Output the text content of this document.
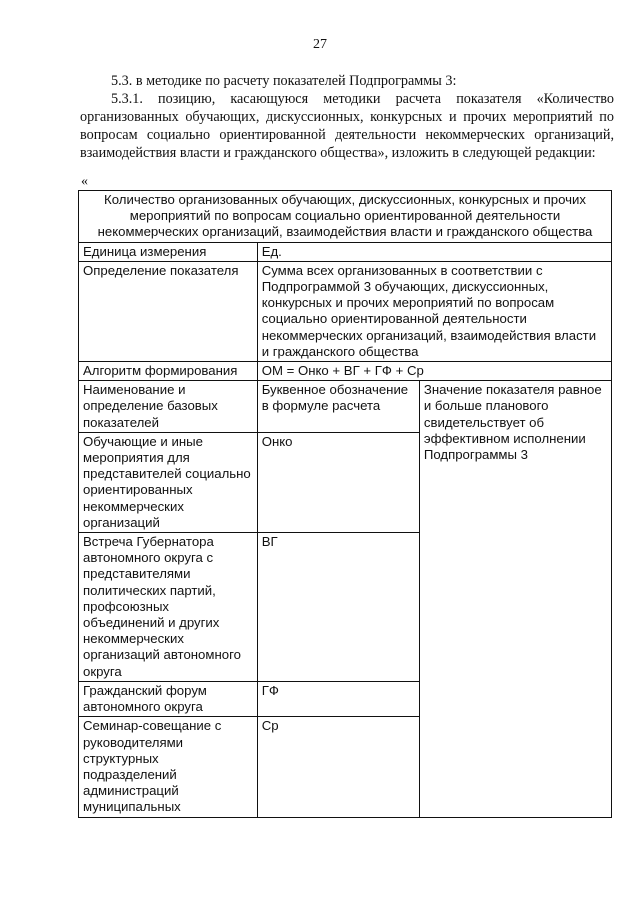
27
5.3. в методике по расчету показателей Подпрограммы 3:
5.3.1. позицию, касающуюся методики расчета показателя «Количество организованных обучающих, дискуссионных, конкурсных и прочих мероприятий по вопросам социально ориентированной деятельности некоммерческих организаций, взаимодействия власти и гражданского общества», изложить в следующей редакции:
«
Количество организованных обучающих, дискуссионных, конкурсных и прочих мероприятий по вопросам социально ориентированной деятельности некоммерческих организаций, взаимодействия власти и гражданского общества		
Единица измерения	Ед.	
Определение показателя	Сумма всех организованных в соответствии с Подпрограммой 3 обучающих, дискуссионных, конкурсных и прочих мероприятий по вопросам социально ориентированной деятельности некоммерческих организаций, взаимодействия власти и гражданского общества	
Алгоритм формирования	ОМ = Онко + ВГ + ГФ + Ср	
Наименование и определение базовых показателей	Буквенное обозначение в формуле расчета	Значение показателя равное и больше планового свидетельствует об эффективном исполнении Подпрограммы 3
Обучающие и иные мероприятия для представителей социально ориентированных некоммерческих организаций	Онко	
Встреча Губернатора автономного округа с представителями политических партий, профсоюзных объединений и других некоммерческих организаций автономного округа	ВГ	
Гражданский форум автономного округа	ГФ	
Семинар-совещание с руководителями структурных подразделений администраций муниципальных	Ср	
